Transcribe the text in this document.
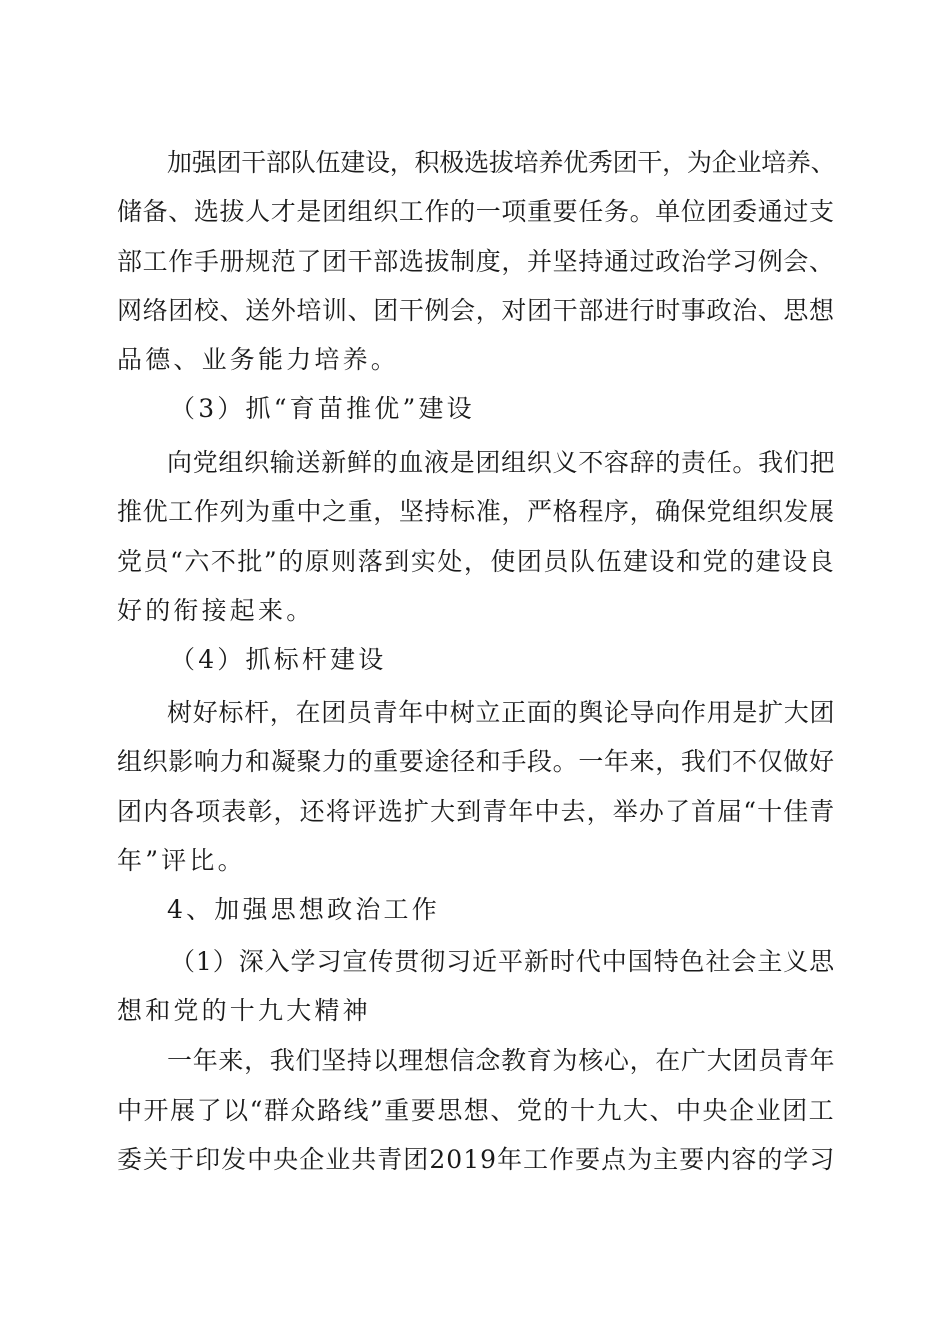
加强团干部队伍建设，积极选拔培养优秀团干，为企业培养、
储备、选拔人才是团组织工作的一项重要任务。单位团委通过支
部工作手册规范了团干部选拔制度，并坚持通过政治学习例会、
网络团校、送外培训、团干例会，对团干部进行时事政治、思想
品德、业务能力培养。
（3）抓“育苗推优”建设
向党组织输送新鲜的血液是团组织义不容辞的责任。我们把
推优工作列为重中之重，坚持标准，严格程序，确保党组织发展
党员“六不批”的原则落到实处，使团员队伍建设和党的建设良
好的衔接起来。
（4）抓标杆建设
树好标杆，在团员青年中树立正面的舆论导向作用是扩大团
组织影响力和凝聚力的重要途径和手段。一年来，我们不仅做好
团内各项表彰，还将评选扩大到青年中去，举办了首届“十佳青
年”评比。
4、加强思想政治工作
（1）深入学习宣传贯彻习近平新时代中国特色社会主义思
想和党的十九大精神
一年来，我们坚持以理想信念教育为核心，在广大团员青年
中开展了以“群众路线”重要思想、党的十九大、中央企业团工
委关于印发中央企业共青团2019年工作要点为主要内容的学习
